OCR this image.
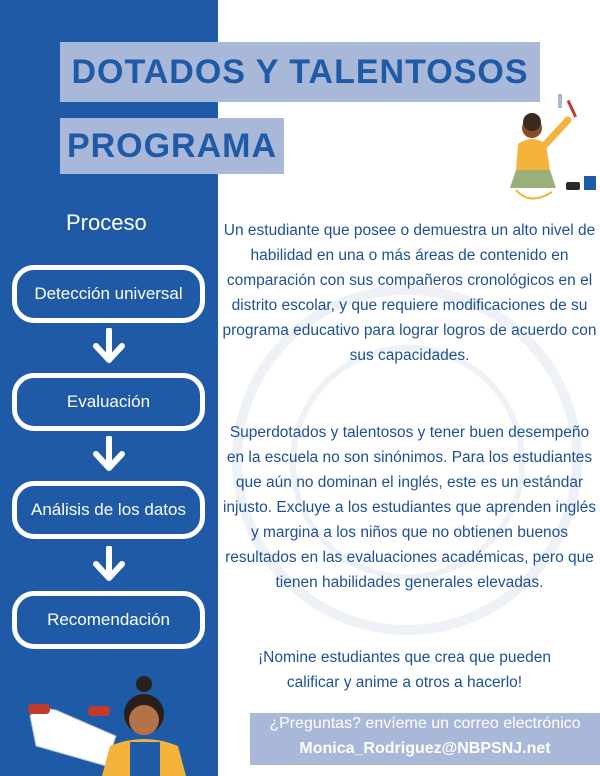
DOTADOS Y TALENTOSOS
PROGRAMA
Proceso
Detección universal
Evaluación
Análisis de los datos
Recomendación
Un estudiante que posee o demuestra un alto nivel de habilidad en una o más áreas de contenido en comparación con sus compañeros cronológicos en el distrito escolar, y que requiere modificaciones de su programa educativo para lograr logros de acuerdo con sus capacidades.
Superdotados y talentosos y tener buen desempeño en la escuela no son sinónimos. Para los estudiantes que aún no dominan el inglés, este es un estándar injusto. Excluye a los estudiantes que aprenden inglés y margina a los niños que no obtienen buenos resultados en las evaluaciones académicas, pero que tienen habilidades generales elevadas.
¡Nomine estudiantes que crea que pueden calificar y anime a otros a hacerlo!
¿Preguntas? envíeme un correo electrónico
Monica_Rodriguez@NBPSNJ.net
